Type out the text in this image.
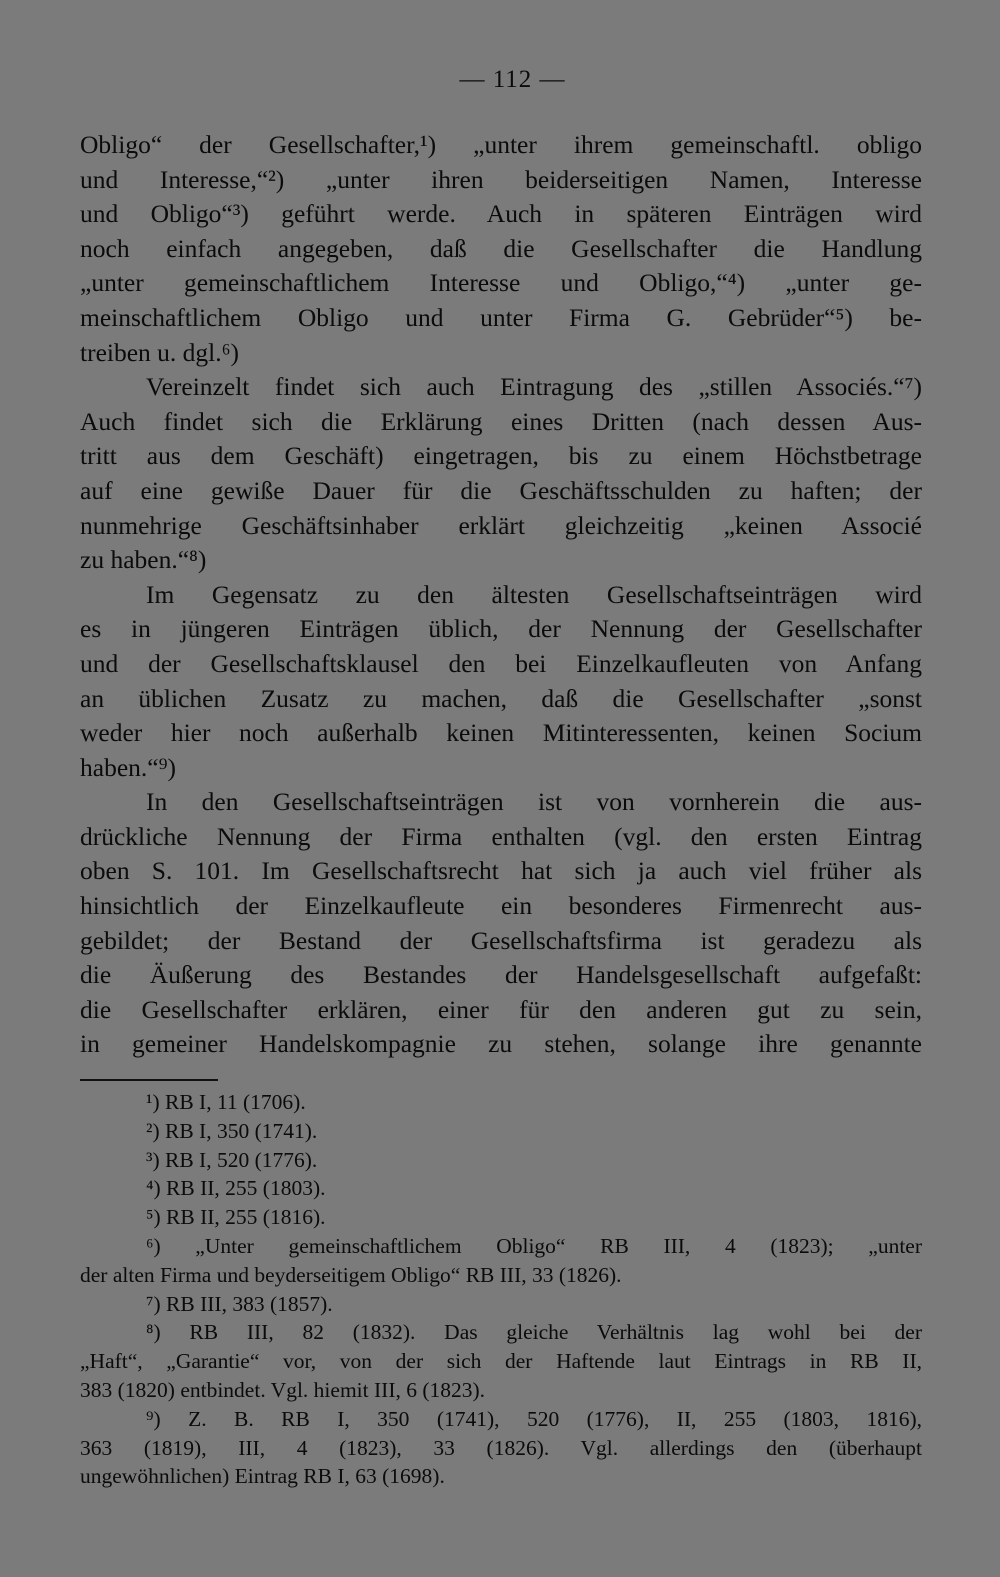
— 112 —
Obligo“ der Gesellschafter,¹) „unter ihrem gemeinschaftl. obligo
und Interesse,“²) „unter ihren beiderseitigen Namen, Interesse
und Obligo“³) geführt werde. Auch in späteren Einträgen wird
noch einfach angegeben, daß die Gesellschafter die Handlung
„unter gemeinschaftlichem Interesse und Obligo,“⁴) „unter ge-
meinschaftlichem Obligo und unter Firma G. Gebrüder“⁵) be-
treiben u. dgl.⁶)
Vereinzelt findet sich auch Eintragung des „stillen Associés.“⁷)
Auch findet sich die Erklärung eines Dritten (nach dessen Aus-
tritt aus dem Geschäft) eingetragen, bis zu einem Höchstbetrage
auf eine gewiße Dauer für die Geschäftsschulden zu haften; der
nunmehrige Geschäftsinhaber erklärt gleichzeitig „keinen Associé
zu haben.“⁸)
Im Gegensatz zu den ältesten Gesellschaftseinträgen wird
es in jüngeren Einträgen üblich, der Nennung der Gesellschafter
und der Gesellschaftsklausel den bei Einzelkaufleuten von Anfang
an üblichen Zusatz zu machen, daß die Gesellschafter „sonst
weder hier noch außerhalb keinen Mitinteressenten, keinen Socium
haben.“⁹)
In den Gesellschaftseinträgen ist von vornherein die aus-
drückliche Nennung der Firma enthalten (vgl. den ersten Eintrag
oben S. 101. Im Gesellschaftsrecht hat sich ja auch viel früher als
hinsichtlich der Einzelkaufleute ein besonderes Firmenrecht aus-
gebildet; der Bestand der Gesellschaftsfirma ist geradezu als
die Äußerung des Bestandes der Handelsgesellschaft aufgefaßt:
die Gesellschafter erklären, einer für den anderen gut zu sein,
in gemeiner Handelskompagnie zu stehen, solange ihre genannte
¹) RB I, 11 (1706).
²) RB I, 350 (1741).
³) RB I, 520 (1776).
⁴) RB II, 255 (1803).
⁵) RB II, 255 (1816).
⁶) „Unter gemeinschaftlichem Obligo“ RB III, 4 (1823); „unter
der alten Firma und beyderseitigem Obligo“ RB III, 33 (1826).
⁷) RB III, 383 (1857).
⁸) RB III, 82 (1832). Das gleiche Verhältnis lag wohl bei der
„Haft“, „Garantie“ vor, von der sich der Haftende laut Eintrags in RB II,
383 (1820) entbindet. Vgl. hiemit III, 6 (1823).
⁹) Z. B. RB I, 350 (1741), 520 (1776), II, 255 (1803, 1816),
363 (1819), III, 4 (1823), 33 (1826). Vgl. allerdings den (überhaupt
ungewöhnlichen) Eintrag RB I, 63 (1698).
